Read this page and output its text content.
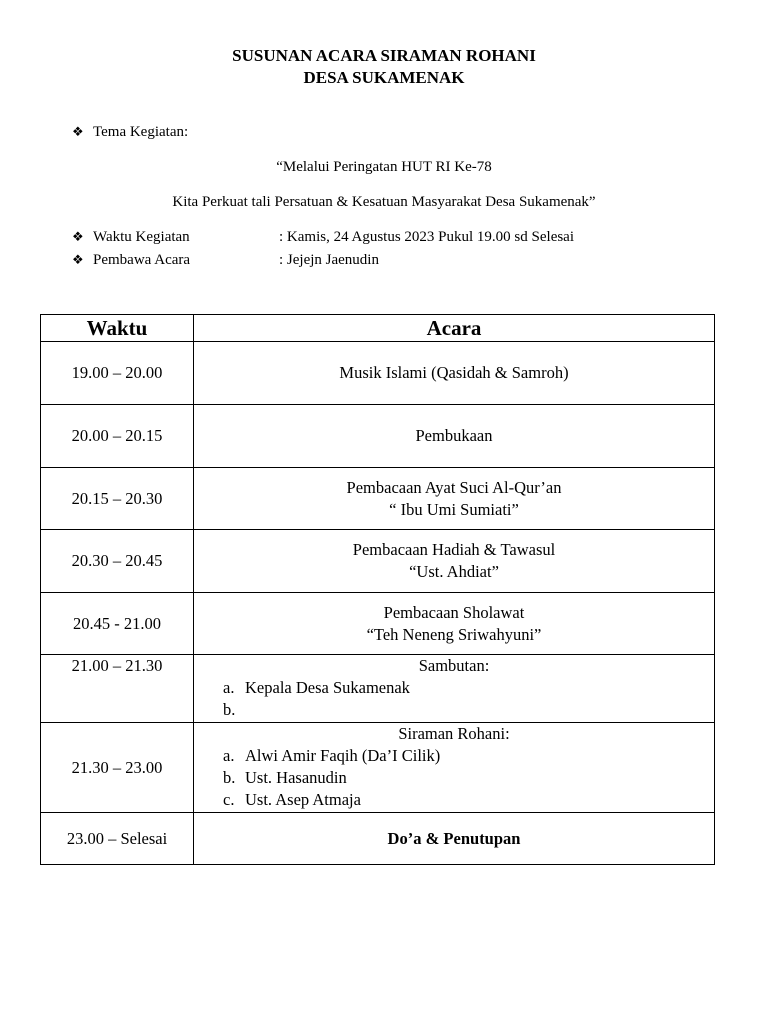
SUSUNAN ACARA SIRAMAN ROHANI
DESA SUKAMENAK
❖ Tema Kegiatan:
“Melalui Peringatan HUT RI Ke-78
Kita Perkuat tali Persatuan & Kesatuan Masyarakat Desa Sukamenak”
❖ Waktu Kegiatan	: Kamis, 24 Agustus 2023 Pukul 19.00 sd Selesai
❖ Pembawa Acara	: Jejejn Jaenudin
Waktu	Acara
19.00 – 20.00	Musik Islami (Qasidah & Samroh)

20.00 – 20.15	Pembukaan

20.15 – 20.30	Pembacaan Ayat Suci Al-Qur’an
“ Ibu Umi Sumiati”

20.30 – 20.45	Pembacaan Hadiah & Tawasul
“Ust. Ahdiat”

20.45 - 21.00	Pembacaan Sholawat
“Teh Neneng Sriwahyuni”

21.00 – 21.30	Sambutan:
a. Kepala Desa Sukamenak
b.

21.30 – 23.00	Siraman Rohani:
a. Alwi Amir Faqih (Da’I Cilik)
b. Ust. Hasanudin
c. Ust. Asep Atmaja

23.00 – Selesai	Do’a & Penutupan
